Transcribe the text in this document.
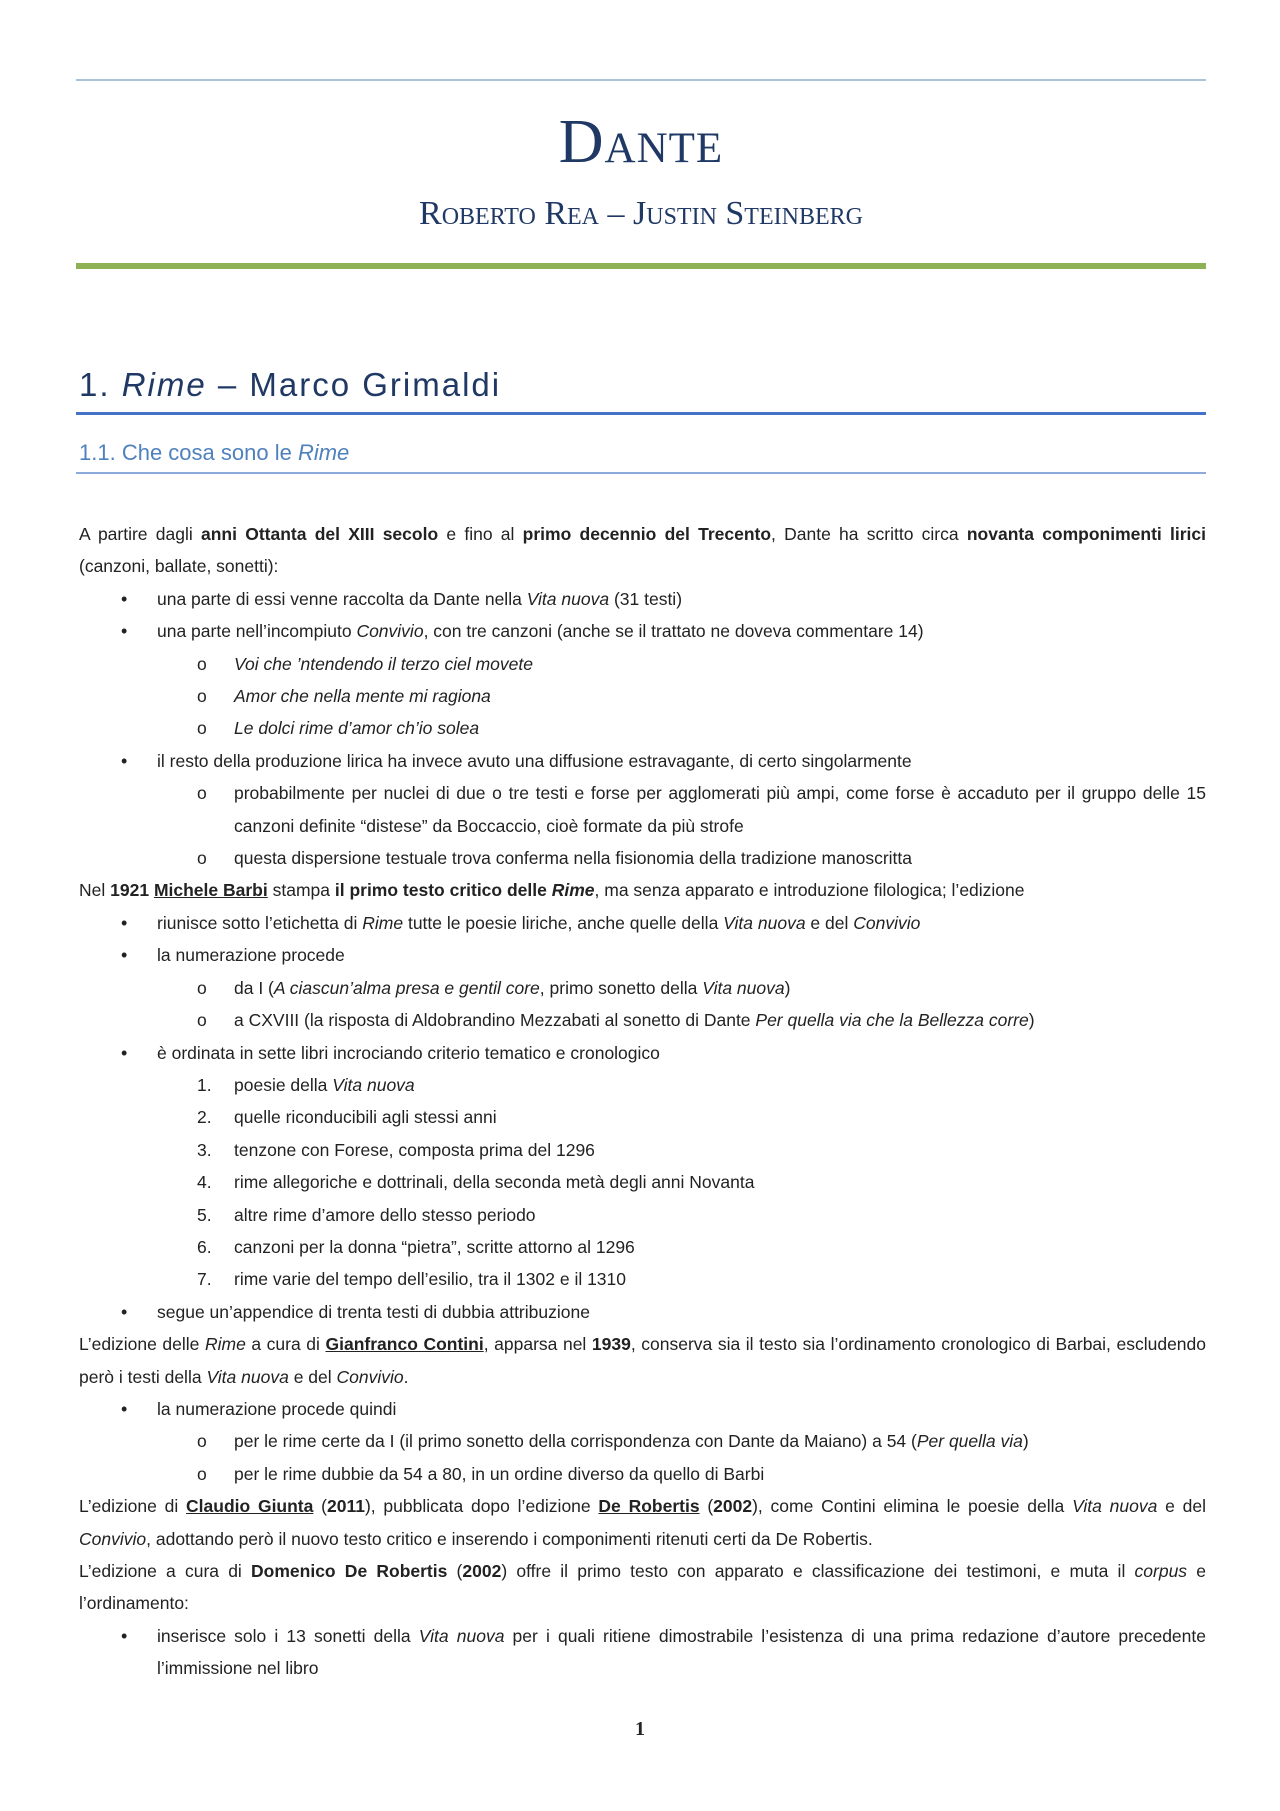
Dante
Roberto Rea – Justin Steinberg
1. Rime – Marco Grimaldi
1.1. Che cosa sono le Rime

A partire dagli anni Ottanta del XIII secolo e fino al primo decennio del Trecento, Dante ha scritto circa novanta componimenti lirici (canzoni, ballate, sonetti):

• una parte di essi venne raccolta da Dante nella Vita nuova (31 testi)
• una parte nell’incompiuto Convivio, con tre canzoni (anche se il trattato ne doveva commentare 14)
o Voi che ’ntendendo il terzo ciel movete
o Amor che nella mente mi ragiona
o Le dolci rime d’amor ch’io solea
• il resto della produzione lirica ha invece avuto una diffusione estravagante, di certo singolarmente
o probabilmente per nuclei di due o tre testi e forse per agglomerati più ampi, come forse è accaduto per il gruppo delle 15 canzoni definite “distese” da Boccaccio, cioè formate da più strofe
o questa dispersione testuale trova conferma nella fisionomia della tradizione manoscritta

Nel 1921 Michele Barbi stampa il primo testo critico delle Rime, ma senza apparato e introduzione filologica; l’edizione

• riunisce sotto l’etichetta di Rime tutte le poesie liriche, anche quelle della Vita nuova e del Convivio
• la numerazione procede
o da I (A ciascun’alma presa e gentil core, primo sonetto della Vita nuova)
o a CXVIII (la risposta di Aldobrandino Mezzabati al sonetto di Dante Per quella via che la Bellezza corre)
• è ordinata in sette libri incrociando criterio tematico e cronologico
1. poesie della Vita nuova
2. quelle riconducibili agli stessi anni
3. tenzone con Forese, composta prima del 1296
4. rime allegoriche e dottrinali, della seconda metà degli anni Novanta
5. altre rime d’amore dello stesso periodo
6. canzoni per la donna “pietra”, scritte attorno al 1296
7. rime varie del tempo dell’esilio, tra il 1302 e il 1310
• segue un’appendice di trenta testi di dubbia attribuzione

L’edizione delle Rime a cura di Gianfranco Contini, apparsa nel 1939, conserva sia il testo sia l’ordinamento cronologico di Barbai, escludendo però i testi della Vita nuova e del Convivio.

• la numerazione procede quindi
o per le rime certe da I (il primo sonetto della corrispondenza con Dante da Maiano) a 54 (Per quella via)
o per le rime dubbie da 54 a 80, in un ordine diverso da quello di Barbi

L’edizione di Claudio Giunta (2011), pubblicata dopo l’edizione De Robertis (2002), come Contini elimina le poesie della Vita nuova e del Convivio, adottando però il nuovo testo critico e inserendo i componimenti ritenuti certi da De Robertis.

L’edizione a cura di Domenico De Robertis (2002) offre il primo testo con apparato e classificazione dei testimoni, e muta il corpus e l’ordinamento:

• inserisce solo i 13 sonetti della Vita nuova per i quali ritiene dimostrabile l’esistenza di una prima redazione d’autore precedente l’immissione nel libro
1
